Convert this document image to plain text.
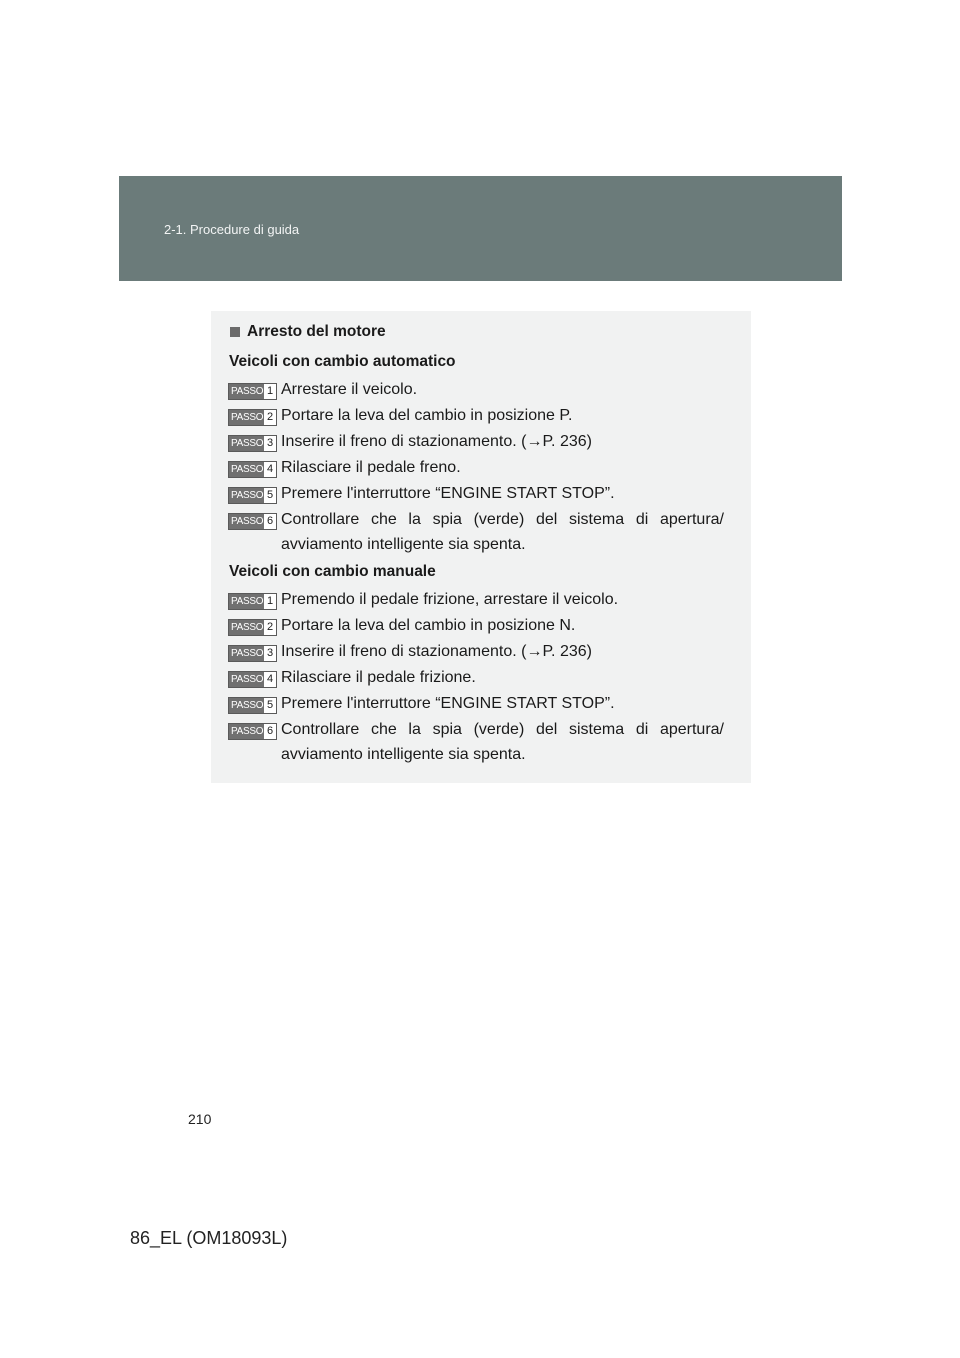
2-1. Procedure di guida
Arresto del motore
Veicoli con cambio automatico
PASSO 1 Arrestare il veicolo.
PASSO 2 Portare la leva del cambio in posizione P.
PASSO 3 Inserire il freno di stazionamento. (→P. 236)
PASSO 4 Rilasciare il pedale freno.
PASSO 5 Premere l'interruttore “ENGINE START STOP”.
PASSO 6 Controllare che la spia (verde) del sistema di apertura/ avviamento intelligente sia spenta.
Veicoli con cambio manuale
PASSO 1 Premendo il pedale frizione, arrestare il veicolo.
PASSO 2 Portare la leva del cambio in posizione N.
PASSO 3 Inserire il freno di stazionamento. (→P. 236)
PASSO 4 Rilasciare il pedale frizione.
PASSO 5 Premere l'interruttore “ENGINE START STOP”.
PASSO 6 Controllare che la spia (verde) del sistema di apertura/ avviamento intelligente sia spenta.
210
86_EL (OM18093L)
